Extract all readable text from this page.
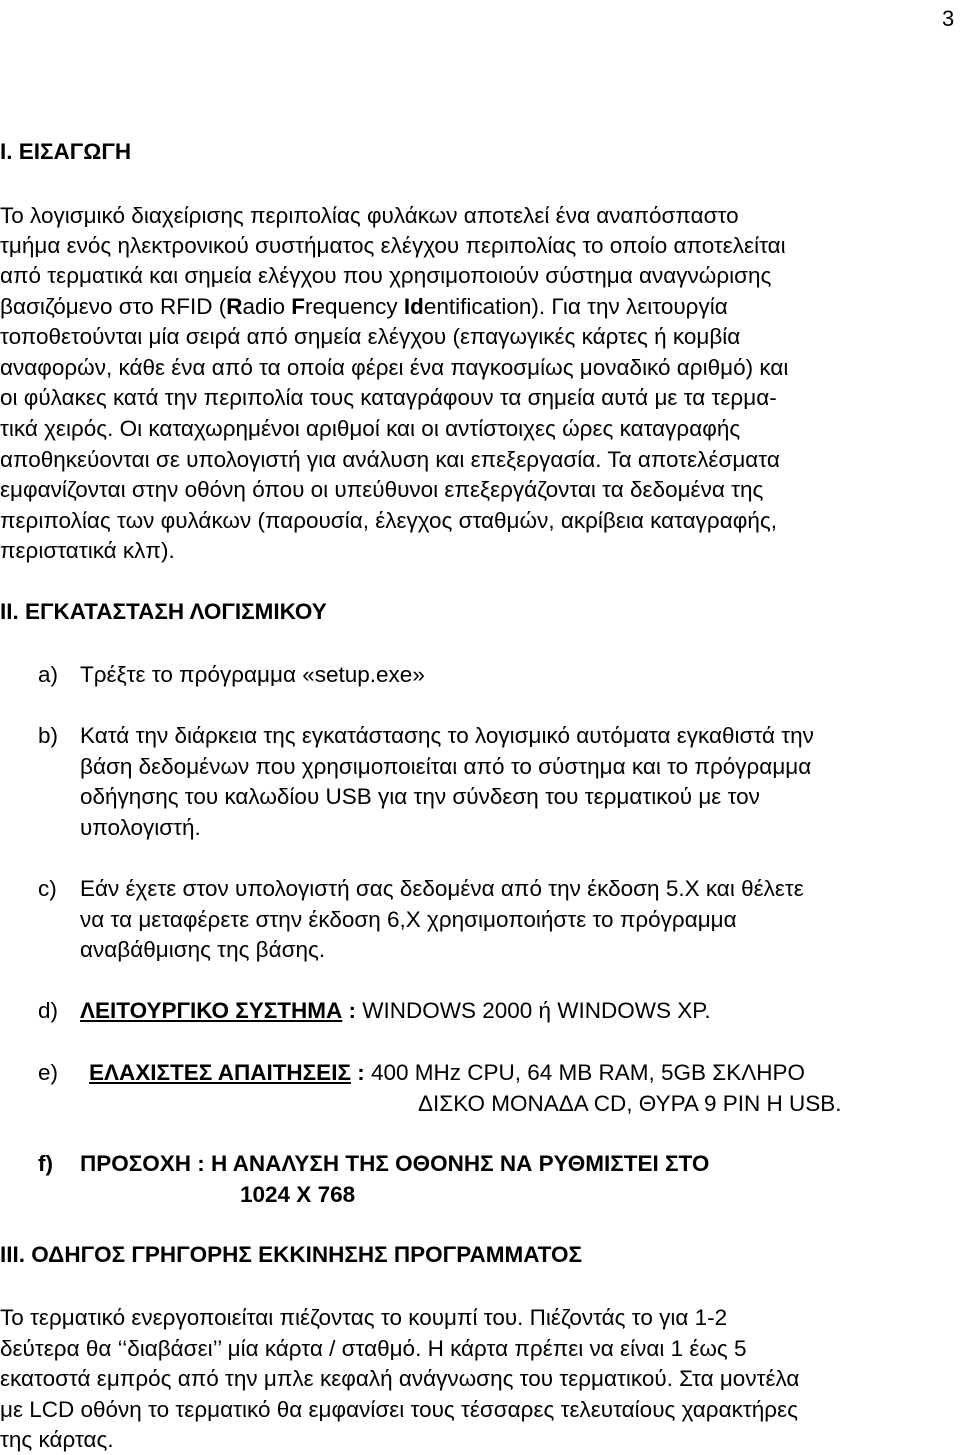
3
Ι. ΕΙΣΑΓΩΓΗ
Το λογισμικό διαχείρισης περιπολίας φυλάκων αποτελεί ένα αναπόσπαστο
τμήμα ενός ηλεκτρονικού συστήματος ελέγχου περιπολίας το οποίο αποτελείται
από τερματικά και σημεία ελέγχου που χρησιμοποιούν σύστημα αναγνώρισης
βασιζόμενο στο RFID (Radio Frequency Identification). Για την λειτουργία
τοποθετούνται μία σειρά από σημεία ελέγχου (επαγωγικές κάρτες ή κομβία
αναφορών, κάθε ένα από τα οποία φέρει ένα παγκοσμίως μοναδικό αριθμό) και
οι φύλακες κατά την περιπολία τους καταγράφουν τα σημεία αυτά με τα τερμα-
τικά χειρός. Οι καταχωρημένοι αριθμοί και οι αντίστοιχες ώρες καταγραφής
αποθηκεύονται σε υπολογιστή για ανάλυση και επεξεργασία. Τα αποτελέσματα
εμφανίζονται στην οθόνη όπου οι υπεύθυνοι επεξεργάζονται τα δεδομένα της
περιπολίας των φυλάκων (παρουσία, έλεγχος σταθμών, ακρίβεια καταγραφής,
περιστατικά κλπ).
ΙΙ. ΕΓΚΑΤΑΣΤΑΣΗ ΛΟΓΙΣΜΙΚΟΥ
a) Τρέξτε το πρόγραμμα «setup.exe»
b) Κατά την διάρκεια της εγκατάστασης το λογισμικό αυτόματα εγκαθιστά την
βάση δεδομένων που χρησιμοποιείται από το σύστημα και το πρόγραμμα
οδήγησης του καλωδίου USB για την σύνδεση του τερματικού με τον
υπολογιστή.
c) Εάν έχετε στον υπολογιστή σας δεδομένα από την έκδοση 5.Χ και θέλετε
να τα μεταφέρετε στην έκδοση 6,Χ χρησιμοποιήστε το πρόγραμμα
αναβάθμισης της βάσης.
d) ΛΕΙΤΟΥΡΓΙΚΟ ΣΥΣΤΗΜΑ : WINDOWS 2000 ή WINDOWS XP.
e) ΕΛΑΧΙΣΤΕΣ ΑΠΑΙΤΗΣΕΙΣ : 400 MHz CPU, 64 MB RAM, 5GB ΣΚΛΗΡΟ
ΔΙΣΚΟ ΜΟΝΑΔΑ CD, ΘΥΡΑ 9 PIN Η USB.
f) ΠΡΟΣΟΧΗ : Η ΑΝΑΛΥΣΗ ΤΗΣ ΟΘΟΝΗΣ ΝΑ ΡΥΘΜΙΣΤΕΙ ΣΤΟ
1024 Χ 768
ΙΙΙ. ΟΔΗΓΟΣ ΓΡΗΓΟΡΗΣ ΕΚΚΙΝΗΣΗΣ ΠΡΟΓΡΑΜΜΑΤΟΣ
Το τερματικό ενεργοποιείται πιέζοντας το κουμπί του. Πιέζοντάς το για 1-2
δεύτερα θα ‘‘διαβάσει’’ μία κάρτα / σταθμό. Η κάρτα πρέπει να είναι 1 έως 5
εκατοστά εμπρός από την μπλε κεφαλή ανάγνωσης του τερματικού. Στα μοντέλα
με LCD οθόνη το τερματικό θα εμφανίσει τους τέσσαρες τελευταίους χαρακτήρες
της κάρτας.
